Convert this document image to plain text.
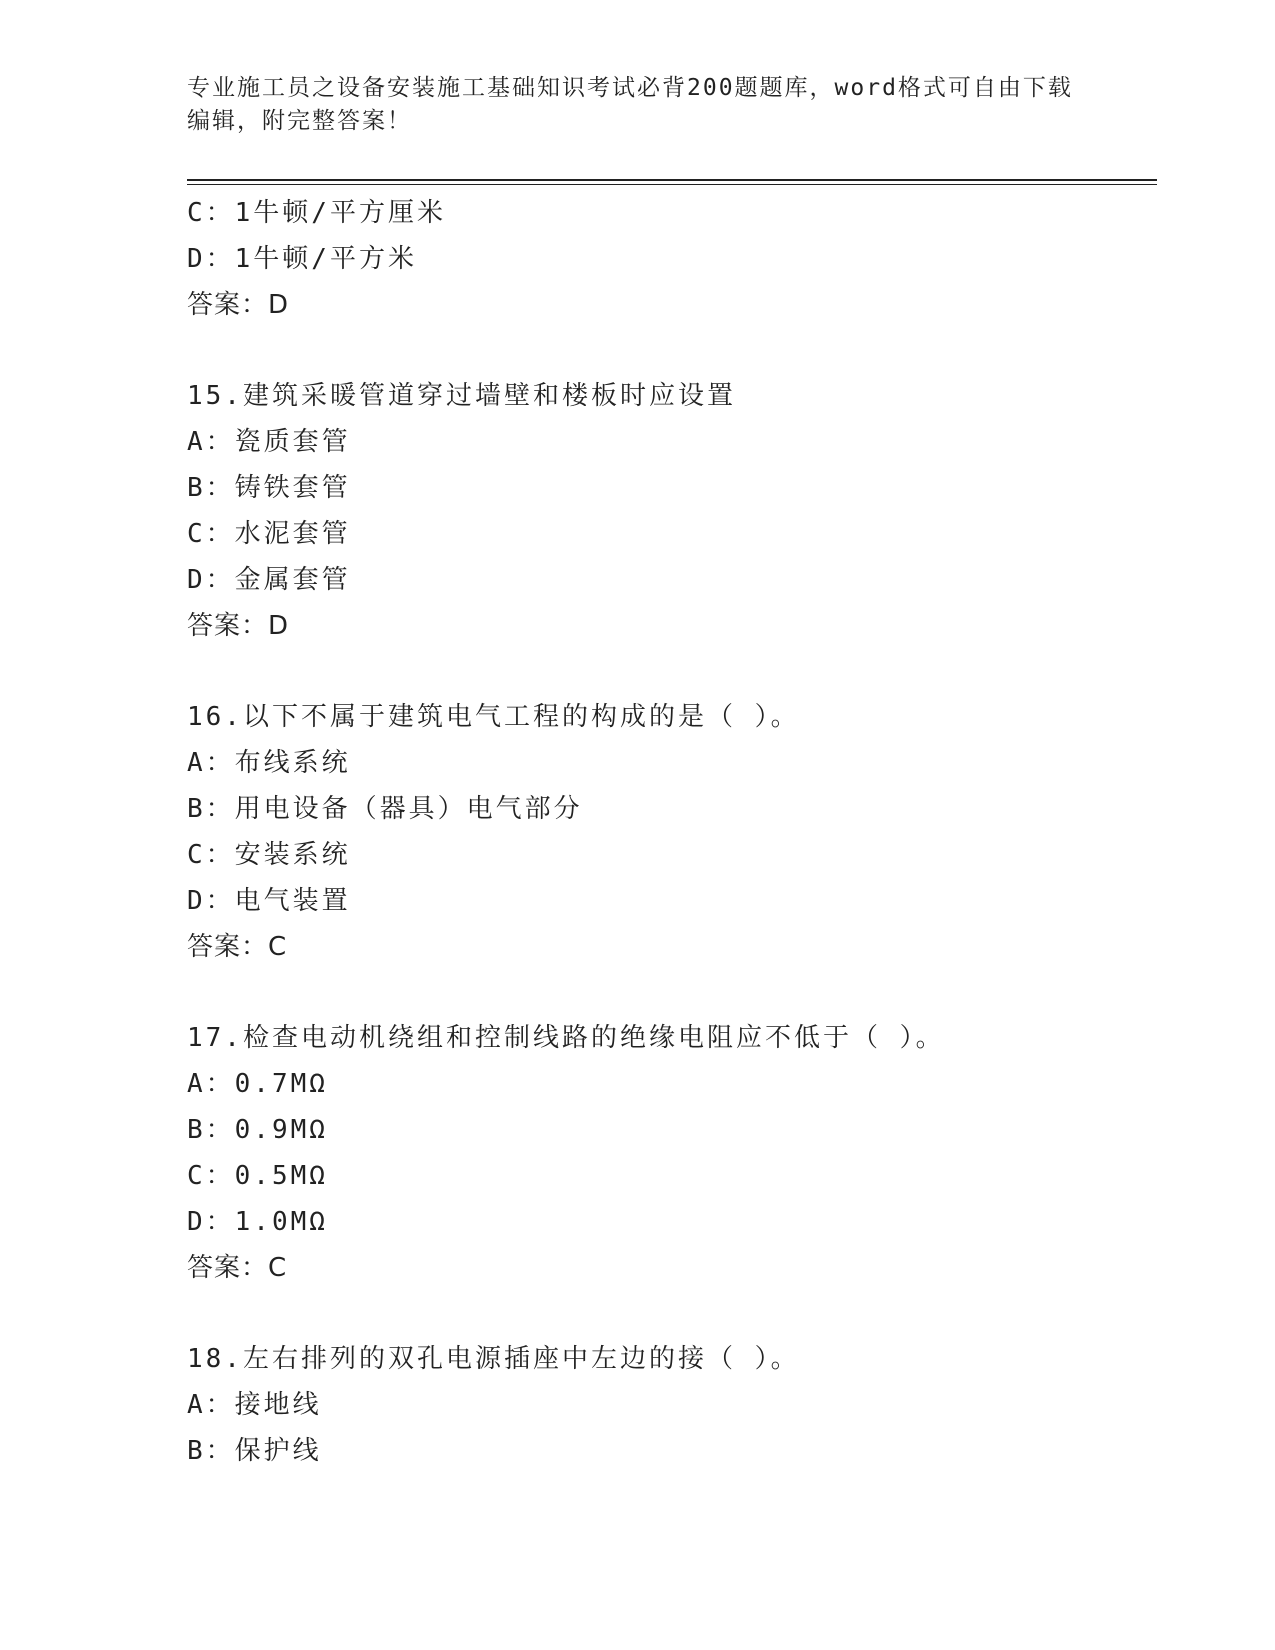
专业施工员之设备安装施工基础知识考试必背200题题库，word格式可自由下载
编辑，附完整答案！
C：1牛顿/平方厘米
D：1牛顿/平方米
答案：D
15.建筑采暖管道穿过墙壁和楼板时应设置
A：瓷质套管
B：铸铁套管
C：水泥套管
D：金属套管
答案：D
16.以下不属于建筑电气工程的构成的是（ ）。
A：布线系统
B：用电设备（器具）电气部分
C：安装系统
D：电气装置
答案：C
17.检查电动机绕组和控制线路的绝缘电阻应不低于（ ）。
A：0.7MΩ
B：0.9MΩ
C：0.5MΩ
D：1.0MΩ
答案：C
18.左右排列的双孔电源插座中左边的接（ ）。
A：接地线
B：保护线
